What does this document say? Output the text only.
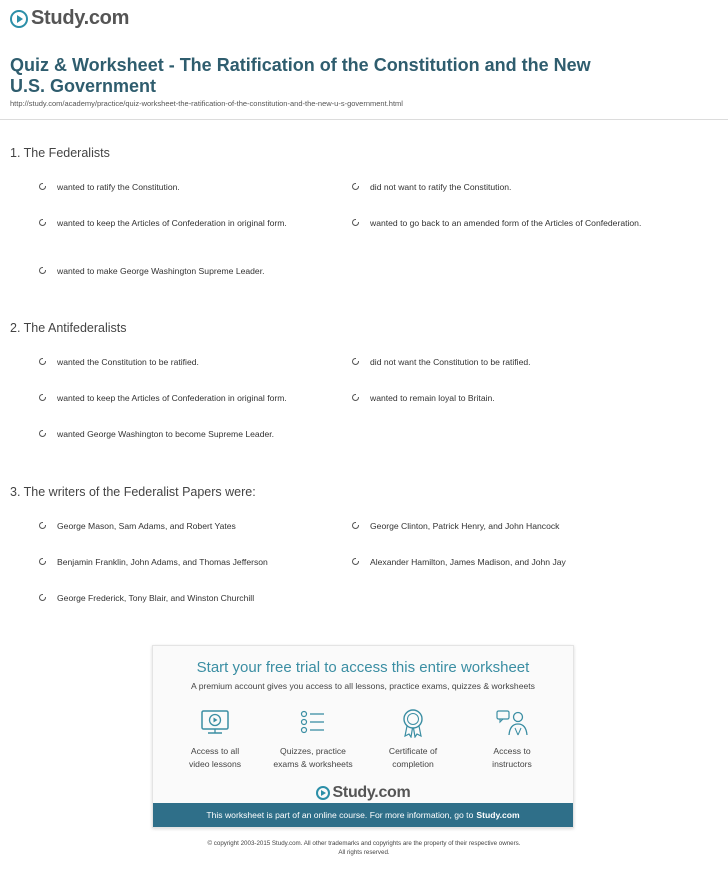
Study.com
Quiz & Worksheet - The Ratification of the Constitution and the New U.S. Government
http://study.com/academy/practice/quiz-worksheet-the-ratification-of-the-constitution-and-the-new-u-s-government.html
1. The Federalists
wanted to ratify the Constitution.	did not want to ratify the Constitution.
wanted to keep the Articles of Confederation in original form.	wanted to go back to an amended form of the Articles of Confederation.
wanted to make George Washington Supreme Leader.
2. The Antifederalists
wanted the Constitution to be ratified.	did not want the Constitution to be ratified.
wanted to keep the Articles of Confederation in original form.	wanted to remain loyal to Britain.
wanted George Washington to become Supreme Leader.
3. The writers of the Federalist Papers were:
George Mason, Sam Adams, and Robert Yates	George Clinton, Patrick Henry, and John Hancock
Benjamin Franklin, John Adams, and Thomas Jefferson	Alexander Hamilton, James Madison, and John Jay
George Frederick, Tony Blair, and Winston Churchill
Start your free trial to access this entire worksheet
A premium account gives you access to all lessons, practice exams, quizzes & worksheets
Access to all
video lessons
Quizzes, practice
exams & worksheets
Certificate of
completion
Access to
instructors
Study.com
This worksheet is part of an online course. For more information, go to Study.com
© copyright 2003-2015 Study.com. All other trademarks and copyrights are the property of their respective owners.
All rights reserved.
